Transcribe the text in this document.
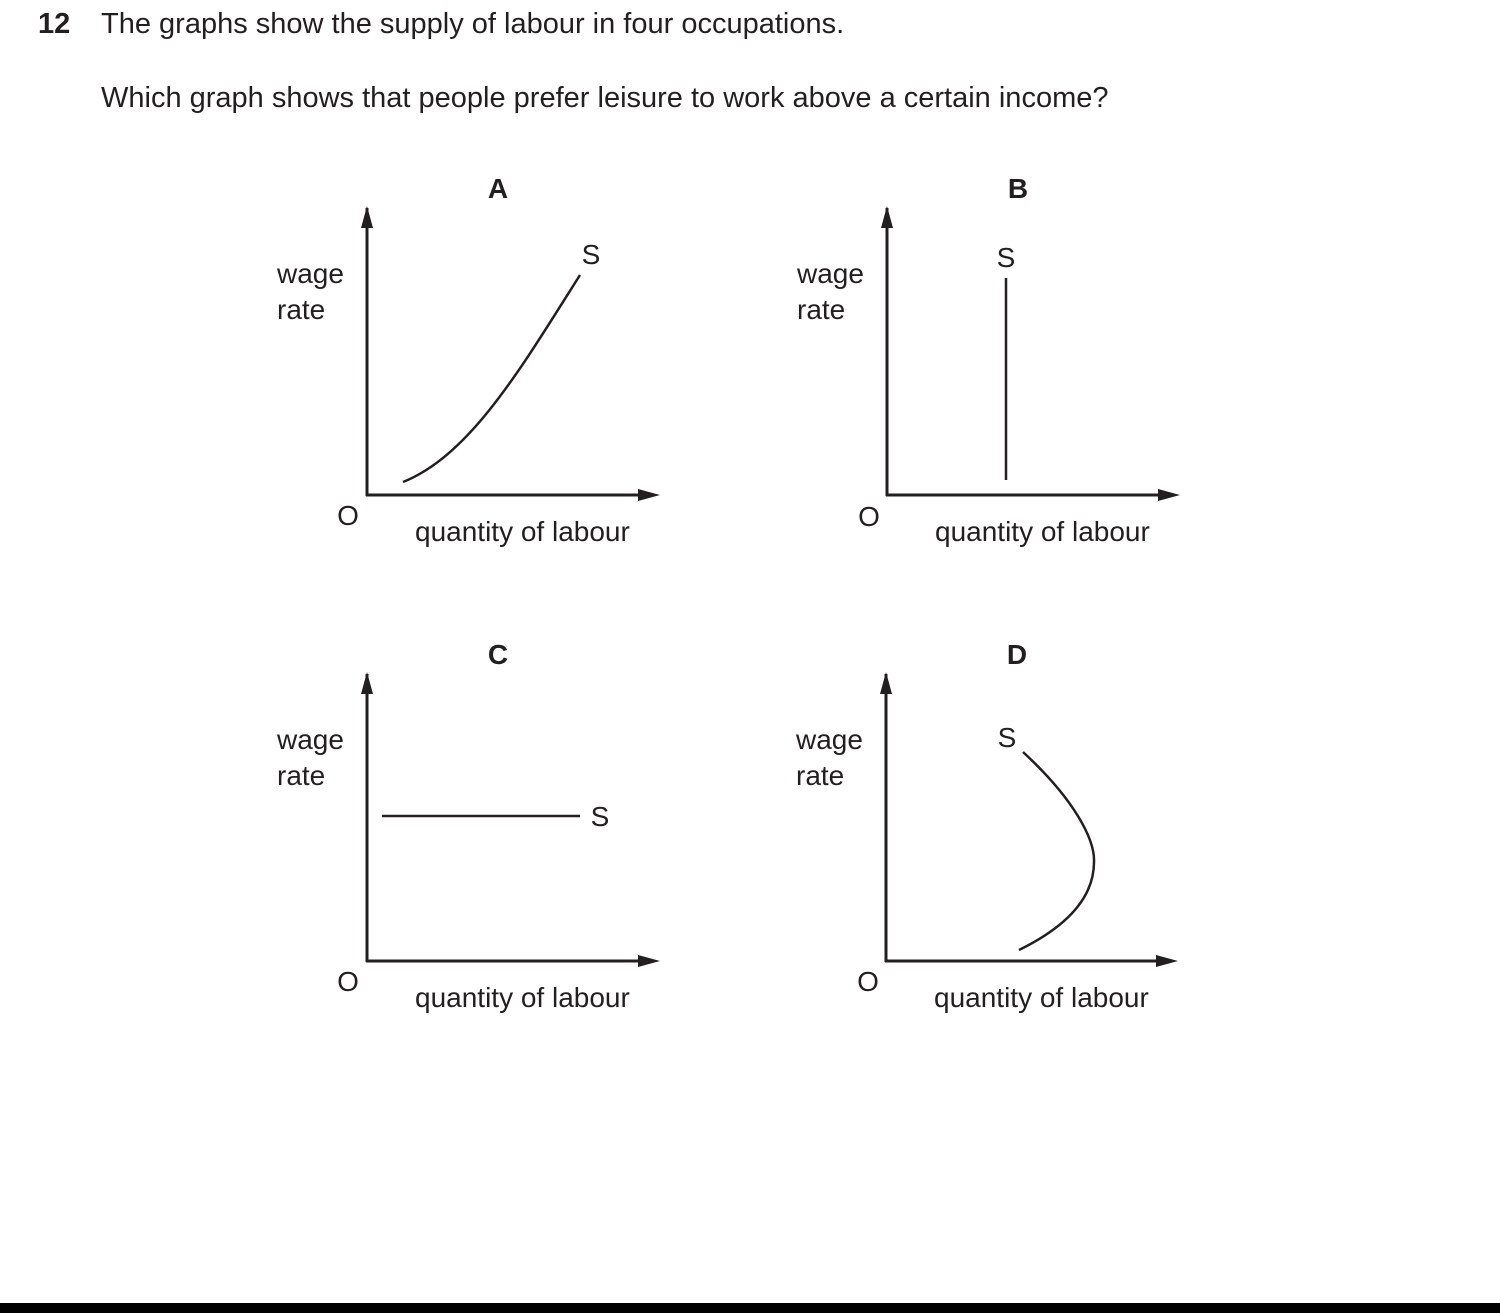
12 The graphs show the supply of labour in four occupations.
Which graph shows that people prefer leisure to work above a certain income?
A
S
wage
rate
O
quantity of labour
B
S
wage
rate
O quantity of labour
C
S
wage
rate
O
quantity of labour
D
S
wage
rate
O
quantity of labour
